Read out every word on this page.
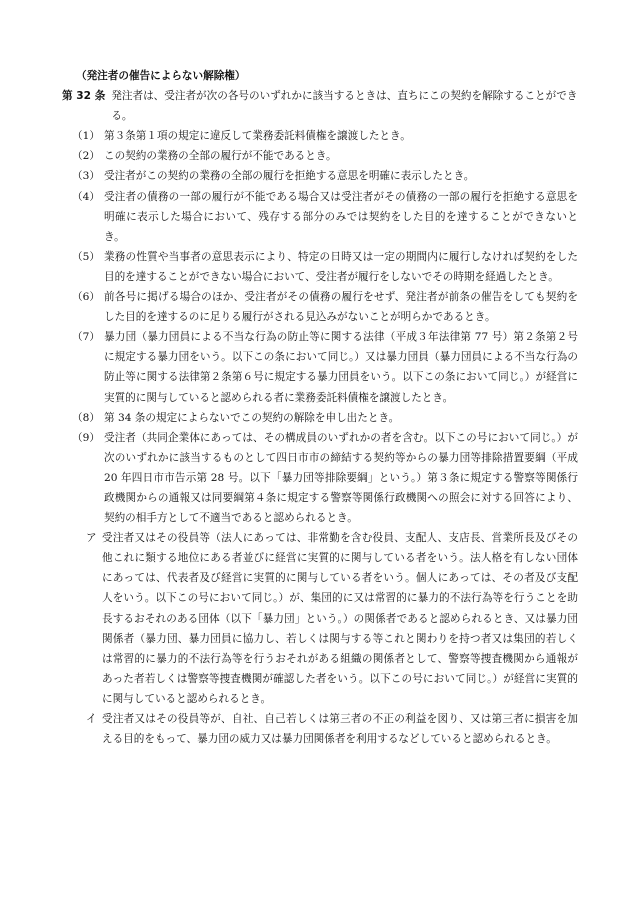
（発注者の催告によらない解除権）
第 32 条 発注者は、受注者が次の各号のいずれかに該当するときは、直ちにこの契約を解除することができる。
（1） 第３条第１項の規定に違反して業務委託料債権を譲渡したとき。
（2） この契約の業務の全部の履行が不能であるとき。
（3） 受注者がこの契約の業務の全部の履行を拒絶する意思を明確に表示したとき。
（4） 受注者の債務の一部の履行が不能である場合又は受注者がその債務の一部の履行を拒絶する意思を明確に表示した場合において、残存する部分のみでは契約をした目的を達することができないとき。
（5） 業務の性質や当事者の意思表示により、特定の日時又は一定の期間内に履行しなければ契約をした目的を達することができない場合において、受注者が履行をしないでその時期を経過したとき。
（6） 前各号に掲げる場合のほか、受注者がその債務の履行をせず、発注者が前条の催告をしても契約をした目的を達するのに足りる履行がされる見込みがないことが明らかであるとき。
（7） 暴力団（暴力団員による不当な行為の防止等に関する法律（平成３年法律第 77 号）第２条第２号に規定する暴力団をいう。以下この条において同じ。）又は暴力団員（暴力団員による不当な行為の防止等に関する法律第２条第６号に規定する暴力団員をいう。以下この条において同じ。）が経営に実質的に関与していると認められる者に業務委託料債権を譲渡したとき。
（8） 第 34 条の規定によらないでこの契約の解除を申し出たとき。
（9） 受注者（共同企業体にあっては、その構成員のいずれかの者を含む。以下この号において同じ。）が次のいずれかに該当するものとして四日市市の締結する契約等からの暴力団等排除措置要綱（平成 20 年四日市市告示第 28 号。以下「暴力団等排除要綱」という。）第３条に規定する警察等関係行政機関からの通報又は同要綱第４条に規定する警察等関係行政機関への照会に対する回答により、契約の相手方として不適当であると認められるとき。
ア 受注者又はその役員等（法人にあっては、非常勤を含む役員、支配人、支店長、営業所長及びその他これに類する地位にある者並びに経営に実質的に関与している者をいう。法人格を有しない団体にあっては、代表者及び経営に実質的に関与している者をいう。個人にあっては、その者及び支配人をいう。以下この号において同じ。）が、集団的に又は常習的に暴力的不法行為等を行うことを助長するおそれのある団体（以下「暴力団」という。）の関係者であると認められるとき、又は暴力団関係者（暴力団、暴力団員に協力し、若しくは関与する等これと関わりを持つ者又は集団的若しくは常習的に暴力的不法行為等を行うおそれがある組織の関係者として、警察等捜査機関から通報があった者若しくは警察等捜査機関が確認した者をいう。以下この号において同じ。）が経営に実質的に関与していると認められるとき。
イ 受注者又はその役員等が、自社、自己若しくは第三者の不正の利益を図り、又は第三者に損害を加える目的をもって、暴力団の威力又は暴力団関係者を利用するなどしていると認められるとき。
